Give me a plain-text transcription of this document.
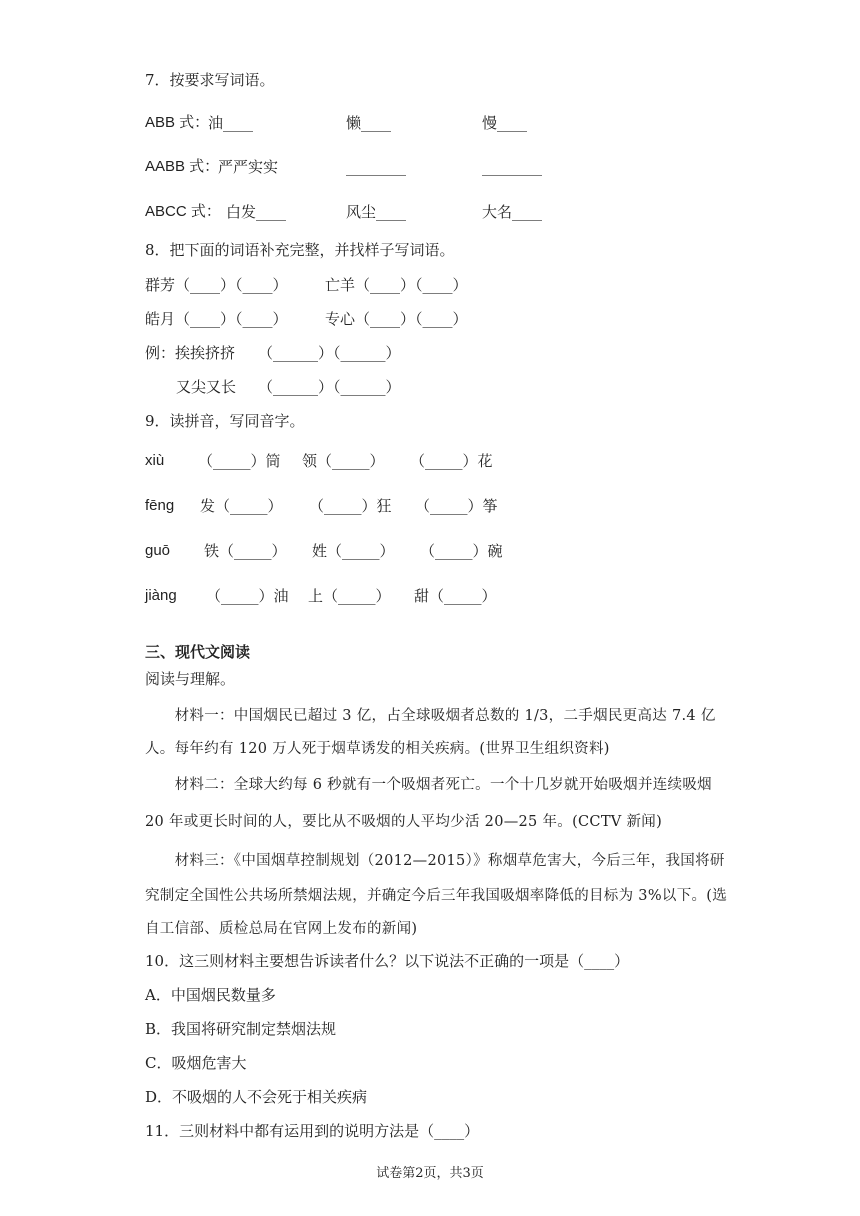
7．按要求写词语。
ABB 式：
油____	懒____	慢____
AABB 式：
严严实实	________	________
ABCC 式： 白发____	风尘____	大名____
8．把下面的词语补充完整，并找样子写词语。
群芳（____）（____） 亡羊（____）（____）
皓月（____）（____） 专心（____）（____）
例：挨挨挤挤 （______）（______）
又尖又长 （______）（______）
9．读拼音，写同音字。
xiù （_____）筒 领（_____） （_____）花
fēng 发（_____） （_____）狂 （_____）筝
guō 铁（_____） 姓（_____） （_____）碗
jiàng （_____）油 上（_____） 甜（_____）
三、现代文阅读
阅读与理解。
　　材料一：中国烟民已超过 3 亿，占全球吸烟者总数的 1/3，二手烟民更高达 7.4 亿
人。每年约有 120 万人死于烟草诱发的相关疾病。(世界卫生组织资料)
　　材料二：全球大约每 6 秒就有一个吸烟者死亡。一个十几岁就开始吸烟并连续吸烟
20 年或更长时间的人，要比从不吸烟的人平均少活 20—25 年。(CCTV 新闻)
　　材料三：《中国烟草控制规划（2012—2015）》称烟草危害大，今后三年，我国将研
究制定全国性公共场所禁烟法规，并确定今后三年我国吸烟率降低的目标为 3%以下。(选
自工信部、质检总局在官网上发布的新闻)
10．这三则材料主要想告诉读者什么？以下说法不正确的一项是（____）
A．中国烟民数量多
B．我国将研究制定禁烟法规
C．吸烟危害大
D．不吸烟的人不会死于相关疾病
11．三则材料中都有运用到的说明方法是（____）
试卷第2页，共3页
